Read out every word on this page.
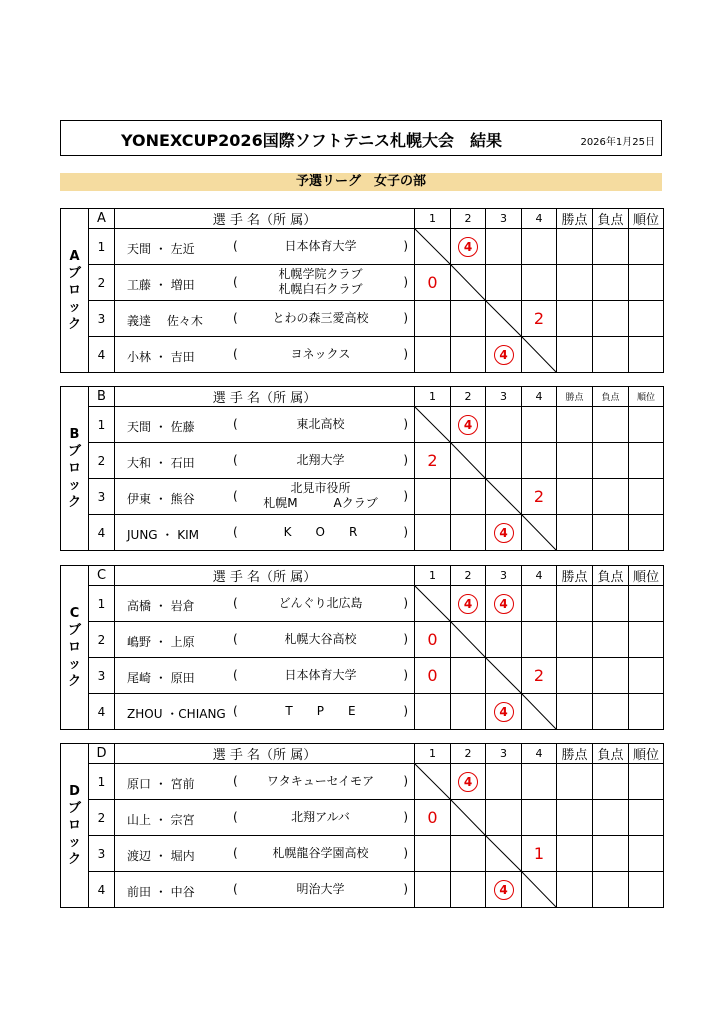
YONEXCUP2026国際ソフトテニス札幌大会　結果	2026年1月25日
予選リーグ　女子の部
A
ブ
ロ
ッ
ク	A	選 手 名（所 属）	1	2	3	4	勝点	負点	順位
	1	天間 ・ 左近 ( 日本体育大学 )		4					
	2	工藤 ・ 増田 (
札幌学院クラブ
札幌白石クラブ )	0	

	3	義達 　佐々木 ( とわの森三愛高校 )				2			
	4	小林 ・ 吉田 ( ヨネックス )			4	

B
ブ
ロ
ッ
ク	B	選 手 名（所 属）	1	2	3	4	勝点	負点	順位
	1	天間 ・ 佐藤 ( 東北高校 )		4					
	2	大和 ・ 石田 ( 北翔大学 )	2	

	3	伊東 ・ 熊谷 (
北見市役所
札幌M　　　Aクラブ )				2			
	4	JUNG ・ KIM ( K　　O　　R )			4	

C
ブ
ロ
ッ
ク	C	選 手 名（所 属）	1	2	3	4	勝点	負点	順位
	1	高橋 ・ 岩倉 ( どんぐり北広島 )		4	4				
	2	嶋野 ・ 上原 ( 札幌大谷高校 )	0	

	3	尾崎 ・ 原田 ( 日本体育大学 )	0			2			
	4	ZHOU ・CHIANG ( T　　P　　E )			4	

D
ブ
ロ
ッ
ク	D	選 手 名（所 属）	1	2	3	4	勝点	負点	順位
	1	原口 ・ 宮前 ( ワタキューセイモア )		4					
	2	山上 ・ 宗宮 ( 北翔アルバ )	0	

	3	渡辺 ・ 堀内 ( 札幌龍谷学園高校 )				1			
	4	前田 ・ 中谷 ( 明治大学 )			4	
